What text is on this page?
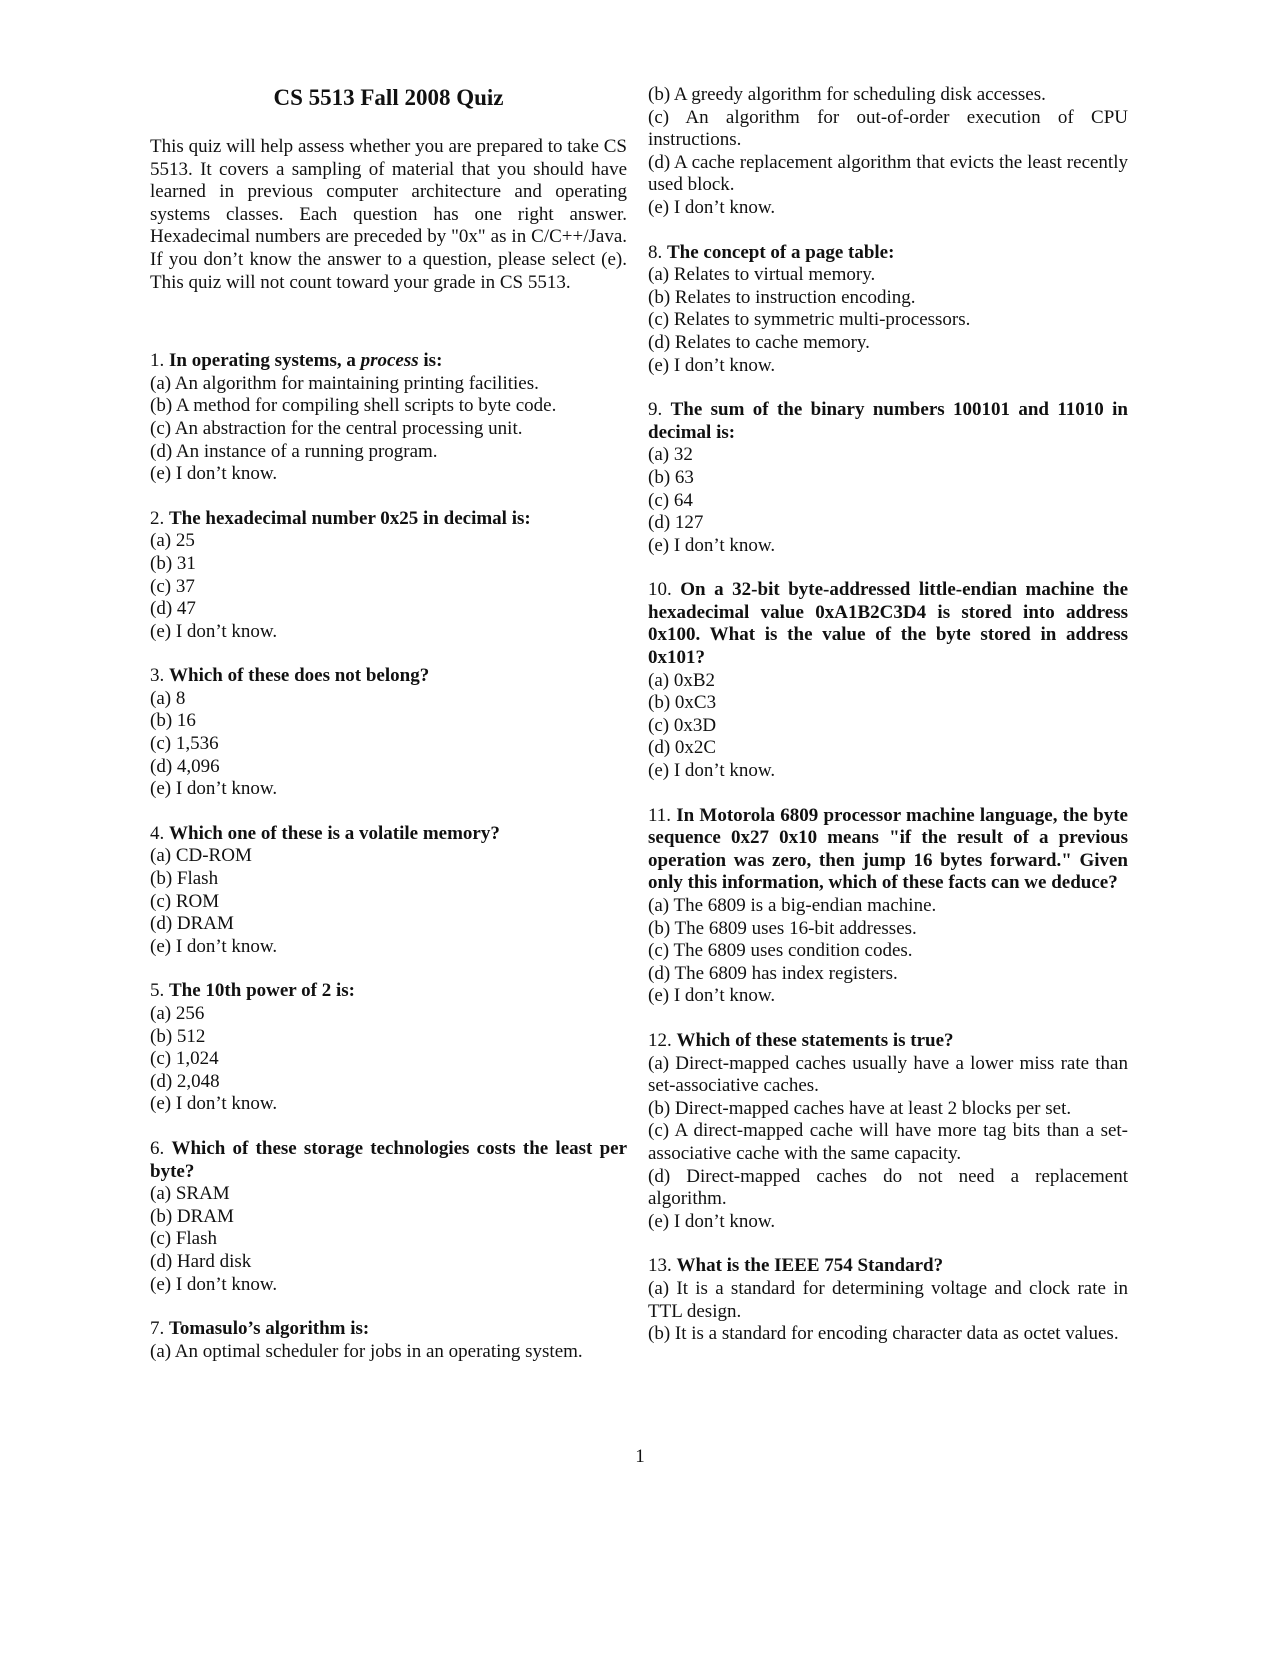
CS 5513 Fall 2008 Quiz
This quiz will help assess whether you are prepared to take CS 5513. It covers a sampling of material that you should have learned in previous computer architecture and operating systems classes. Each question has one right answer. Hexadecimal numbers are preceded by "0x" as in C/C++/Java. If you don’t know the answer to a question, please select (e). This quiz will not count toward your grade in CS 5513.
1. In operating systems, a process is:
(a) An algorithm for maintaining printing facilities.
(b) A method for compiling shell scripts to byte code.
(c) An abstraction for the central processing unit.
(d) An instance of a running program.
(e) I don’t know.
2. The hexadecimal number 0x25 in decimal is:
(a) 25
(b) 31
(c) 37
(d) 47
(e) I don’t know.
3. Which of these does not belong?
(a) 8
(b) 16
(c) 1,536
(d) 4,096
(e) I don’t know.
4. Which one of these is a volatile memory?
(a) CD-ROM
(b) Flash
(c) ROM
(d) DRAM
(e) I don’t know.
5. The 10th power of 2 is:
(a) 256
(b) 512
(c) 1,024
(d) 2,048
(e) I don’t know.
6. Which of these storage technologies costs the least per byte?
(a) SRAM
(b) DRAM
(c) Flash
(d) Hard disk
(e) I don’t know.
7. Tomasulo’s algorithm is:
(a) An optimal scheduler for jobs in an operating system.
(b) A greedy algorithm for scheduling disk accesses.
(c) An algorithm for out-of-order execution of CPU instructions.
(d) A cache replacement algorithm that evicts the least recently used block.
(e) I don’t know.
8. The concept of a page table:
(a) Relates to virtual memory.
(b) Relates to instruction encoding.
(c) Relates to symmetric multi-processors.
(d) Relates to cache memory.
(e) I don’t know.
9. The sum of the binary numbers 100101 and 11010 in decimal is:
(a) 32
(b) 63
(c) 64
(d) 127
(e) I don’t know.
10. On a 32-bit byte-addressed little-endian machine the hexadecimal value 0xA1B2C3D4 is stored into address 0x100. What is the value of the byte stored in address 0x101?
(a) 0xB2
(b) 0xC3
(c) 0x3D
(d) 0x2C
(e) I don’t know.
11. In Motorola 6809 processor machine language, the byte sequence 0x27 0x10 means "if the result of a previous operation was zero, then jump 16 bytes forward." Given only this information, which of these facts can we deduce?
(a) The 6809 is a big-endian machine.
(b) The 6809 uses 16-bit addresses.
(c) The 6809 uses condition codes.
(d) The 6809 has index registers.
(e) I don’t know.
12. Which of these statements is true?
(a) Direct-mapped caches usually have a lower miss rate than set-associative caches.
(b) Direct-mapped caches have at least 2 blocks per set.
(c) A direct-mapped cache will have more tag bits than a set-associative cache with the same capacity.
(d) Direct-mapped caches do not need a replacement algorithm.
(e) I don’t know.
13. What is the IEEE 754 Standard?
(a) It is a standard for determining voltage and clock rate in TTL design.
(b) It is a standard for encoding character data as octet values.
1
